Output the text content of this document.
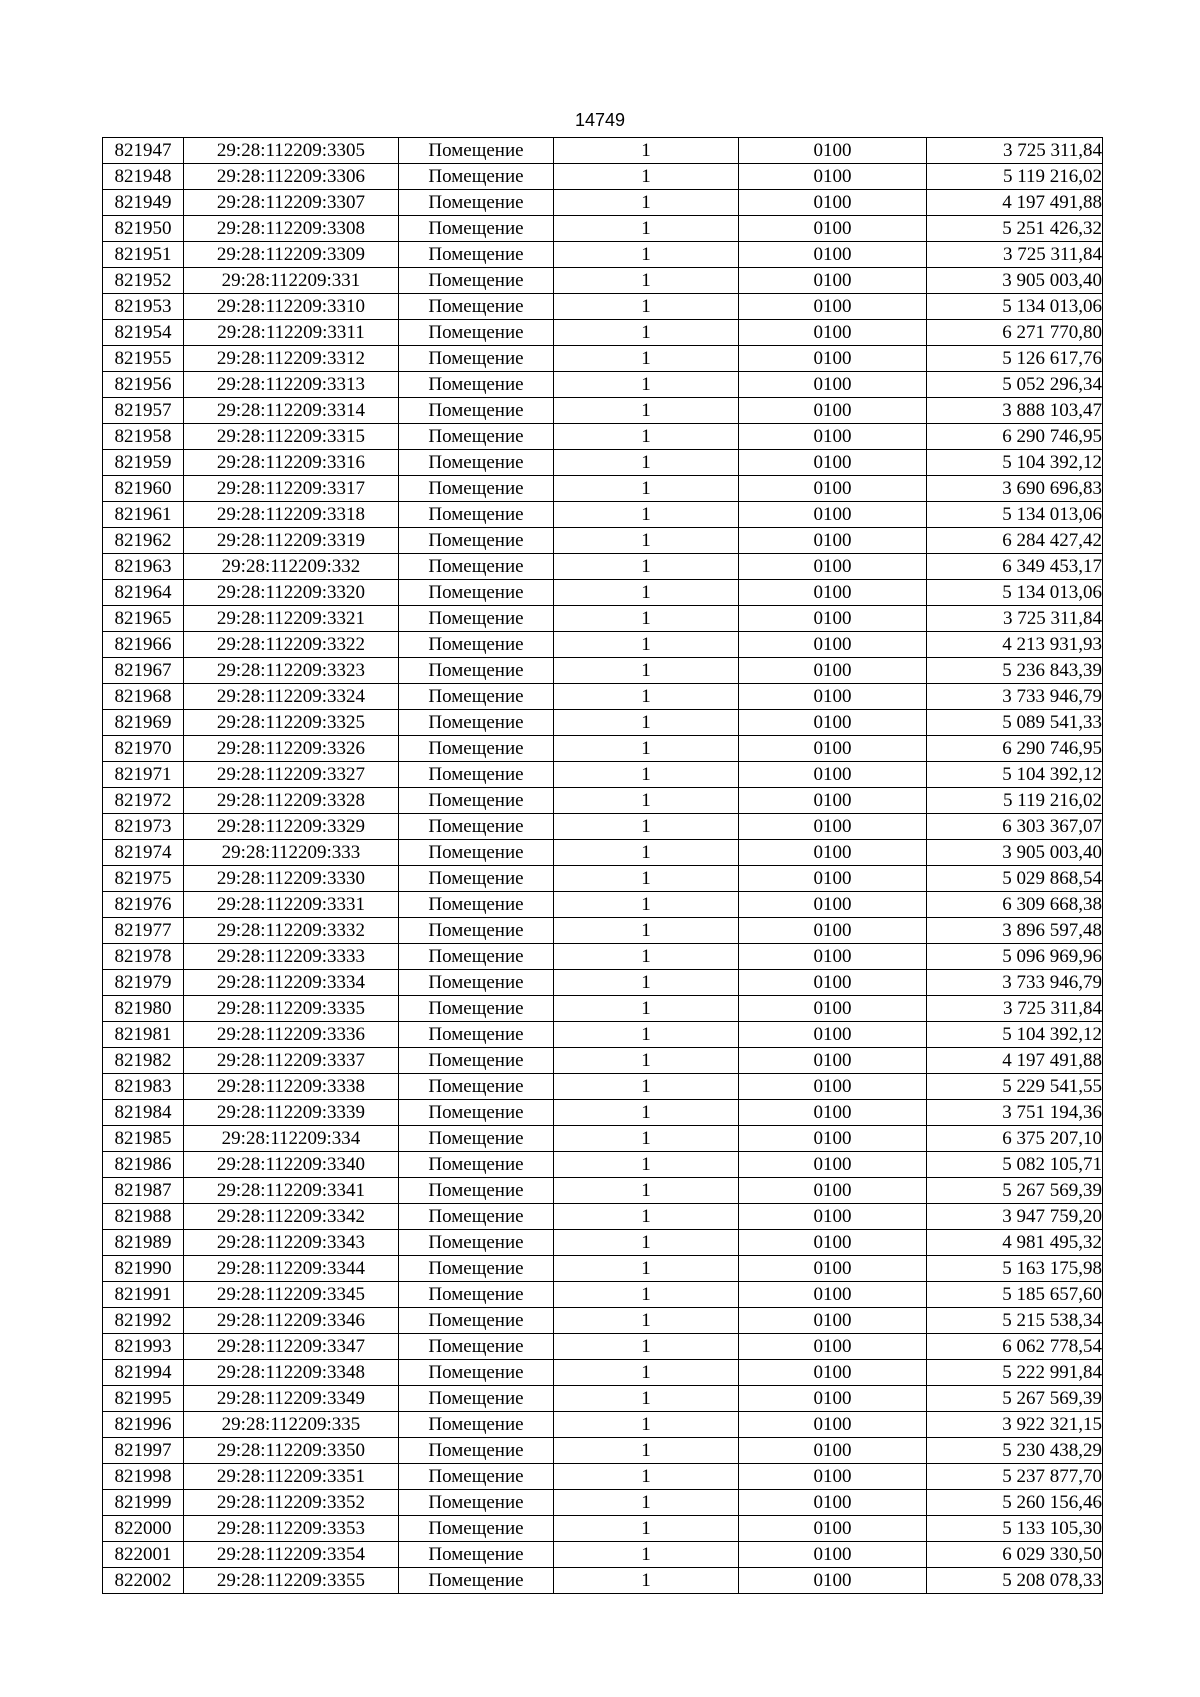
14749
821947	29:28:112209:3305	Помещение	1	0100	3 725 311,84
821948	29:28:112209:3306	Помещение	1	0100	5 119 216,02
821949	29:28:112209:3307	Помещение	1	0100	4 197 491,88
821950	29:28:112209:3308	Помещение	1	0100	5 251 426,32
821951	29:28:112209:3309	Помещение	1	0100	3 725 311,84
821952	29:28:112209:331	Помещение	1	0100	3 905 003,40
821953	29:28:112209:3310	Помещение	1	0100	5 134 013,06
821954	29:28:112209:3311	Помещение	1	0100	6 271 770,80
821955	29:28:112209:3312	Помещение	1	0100	5 126 617,76
821956	29:28:112209:3313	Помещение	1	0100	5 052 296,34
821957	29:28:112209:3314	Помещение	1	0100	3 888 103,47
821958	29:28:112209:3315	Помещение	1	0100	6 290 746,95
821959	29:28:112209:3316	Помещение	1	0100	5 104 392,12
821960	29:28:112209:3317	Помещение	1	0100	3 690 696,83
821961	29:28:112209:3318	Помещение	1	0100	5 134 013,06
821962	29:28:112209:3319	Помещение	1	0100	6 284 427,42
821963	29:28:112209:332	Помещение	1	0100	6 349 453,17
821964	29:28:112209:3320	Помещение	1	0100	5 134 013,06
821965	29:28:112209:3321	Помещение	1	0100	3 725 311,84
821966	29:28:112209:3322	Помещение	1	0100	4 213 931,93
821967	29:28:112209:3323	Помещение	1	0100	5 236 843,39
821968	29:28:112209:3324	Помещение	1	0100	3 733 946,79
821969	29:28:112209:3325	Помещение	1	0100	5 089 541,33
821970	29:28:112209:3326	Помещение	1	0100	6 290 746,95
821971	29:28:112209:3327	Помещение	1	0100	5 104 392,12
821972	29:28:112209:3328	Помещение	1	0100	5 119 216,02
821973	29:28:112209:3329	Помещение	1	0100	6 303 367,07
821974	29:28:112209:333	Помещение	1	0100	3 905 003,40
821975	29:28:112209:3330	Помещение	1	0100	5 029 868,54
821976	29:28:112209:3331	Помещение	1	0100	6 309 668,38
821977	29:28:112209:3332	Помещение	1	0100	3 896 597,48
821978	29:28:112209:3333	Помещение	1	0100	5 096 969,96
821979	29:28:112209:3334	Помещение	1	0100	3 733 946,79
821980	29:28:112209:3335	Помещение	1	0100	3 725 311,84
821981	29:28:112209:3336	Помещение	1	0100	5 104 392,12
821982	29:28:112209:3337	Помещение	1	0100	4 197 491,88
821983	29:28:112209:3338	Помещение	1	0100	5 229 541,55
821984	29:28:112209:3339	Помещение	1	0100	3 751 194,36
821985	29:28:112209:334	Помещение	1	0100	6 375 207,10
821986	29:28:112209:3340	Помещение	1	0100	5 082 105,71
821987	29:28:112209:3341	Помещение	1	0100	5 267 569,39
821988	29:28:112209:3342	Помещение	1	0100	3 947 759,20
821989	29:28:112209:3343	Помещение	1	0100	4 981 495,32
821990	29:28:112209:3344	Помещение	1	0100	5 163 175,98
821991	29:28:112209:3345	Помещение	1	0100	5 185 657,60
821992	29:28:112209:3346	Помещение	1	0100	5 215 538,34
821993	29:28:112209:3347	Помещение	1	0100	6 062 778,54
821994	29:28:112209:3348	Помещение	1	0100	5 222 991,84
821995	29:28:112209:3349	Помещение	1	0100	5 267 569,39
821996	29:28:112209:335	Помещение	1	0100	3 922 321,15
821997	29:28:112209:3350	Помещение	1	0100	5 230 438,29
821998	29:28:112209:3351	Помещение	1	0100	5 237 877,70
821999	29:28:112209:3352	Помещение	1	0100	5 260 156,46
822000	29:28:112209:3353	Помещение	1	0100	5 133 105,30
822001	29:28:112209:3354	Помещение	1	0100	6 029 330,50
822002	29:28:112209:3355	Помещение	1	0100	5 208 078,33
